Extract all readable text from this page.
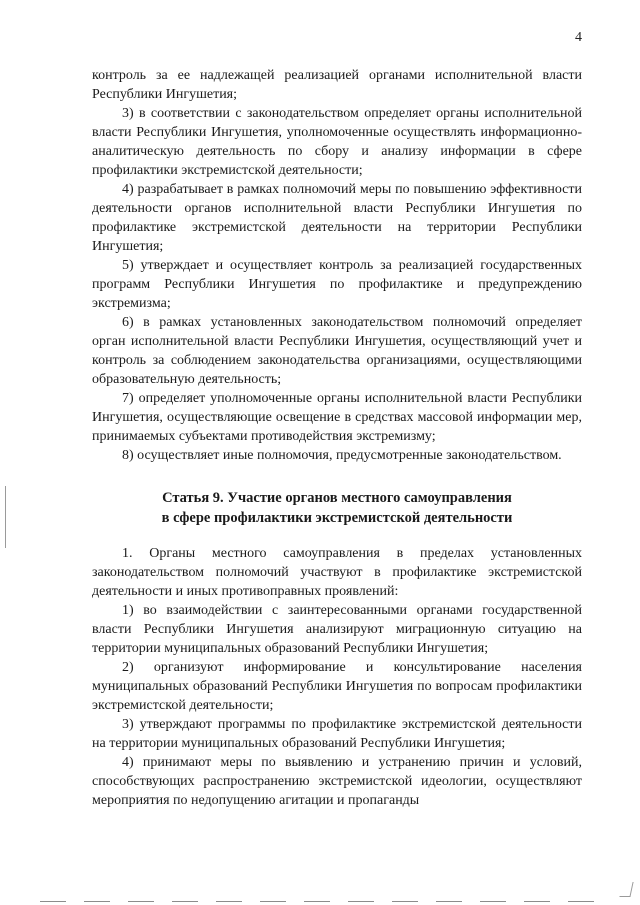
4

контроль за ее надлежащей реализацией органами исполнительной власти Республики Ингушетия;

3) в соответствии с законодательством определяет органы исполнительной власти Республики Ингушетия, уполномоченные осуществлять информационно-аналитическую деятельность по сбору и анализу информации в сфере профилактики экстремистской деятельности;

4) разрабатывает в рамках полномочий меры по повышению эффективности деятельности органов исполнительной власти Республики Ингушетия по профилактике экстремистской деятельности на территории Республики Ингушетия;

5) утверждает и осуществляет контроль за реализацией государственных программ Республики Ингушетия по профилактике и предупреждению экстремизма;

6) в рамках установленных законодательством полномочий определяет орган исполнительной власти Республики Ингушетия, осуществляющий учет и контроль за соблюдением законодательства организациями, осуществляющими образовательную деятельность;

7) определяет уполномоченные органы исполнительной власти Республики Ингушетия, осуществляющие освещение в средствах массовой информации мер, принимаемых субъектами противодействия экстремизму;

8) осуществляет иные полномочия, предусмотренные законодательством.

Статья 9. Участие органов местного самоуправления
в сфере профилактики экстремистской деятельности

1. Органы местного самоуправления в пределах установленных законодательством полномочий участвуют в профилактике экстремистской деятельности и иных противоправных проявлений:

1) во взаимодействии с заинтересованными органами государственной власти Республики Ингушетия анализируют миграционную ситуацию на территории муниципальных образований Республики Ингушетия;

2) организуют информирование и консультирование населения муниципальных образований Республики Ингушетия по вопросам профилактики экстремистской деятельности;

3) утверждают программы по профилактике экстремистской деятельности на территории муниципальных образований Республики Ингушетия;

4) принимают меры по выявлению и устранению причин и условий, способствующих распространению экстремистской идеологии, осуществляют мероприятия по недопущению агитации и пропаганды
